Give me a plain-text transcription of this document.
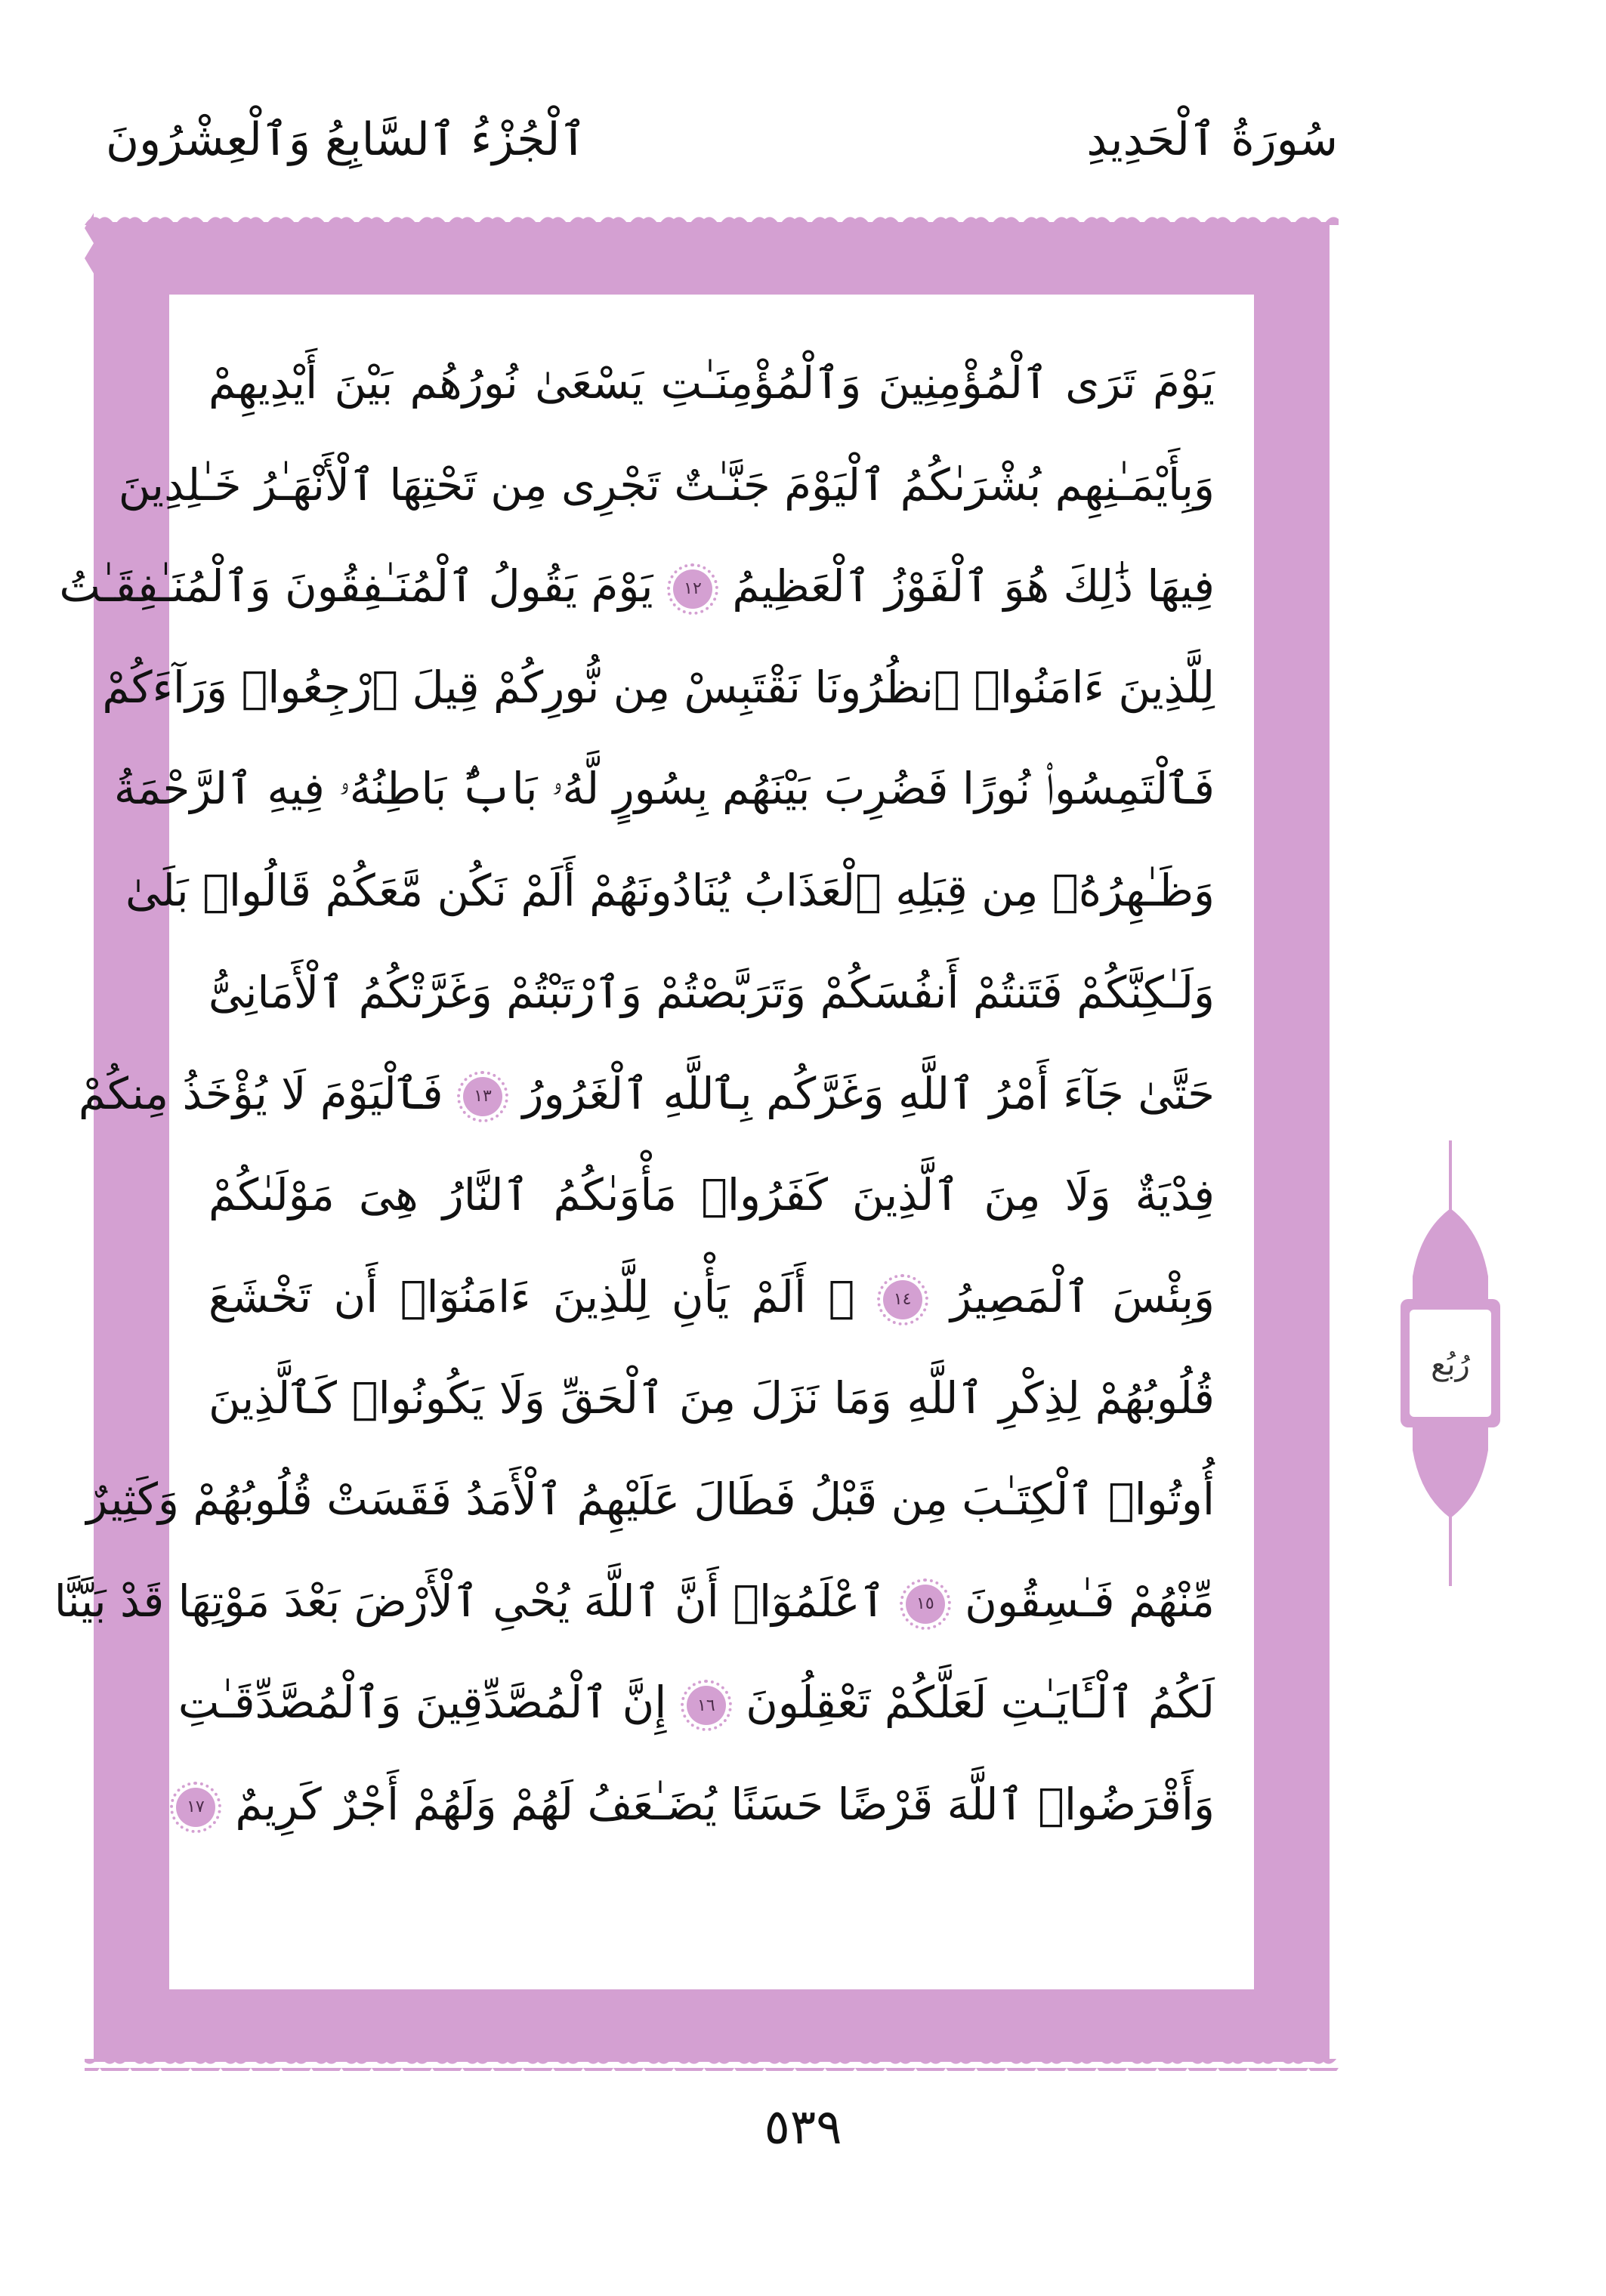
ٱلْجُزْءُ ٱلسَّابِعُ وَٱلْعِشْرُونَ	سُورَةُ ٱلْحَدِيدِ
يَوْمَ تَرَى ٱلْمُؤْمِنِينَ وَٱلْمُؤْمِنَـٰتِ يَسْعَىٰ نُورُهُم بَيْنَ أَيْدِيهِمْ
وَبِأَيْمَـٰنِهِم بُشْرَىٰكُمُ ٱلْيَوْمَ جَنَّـٰتٌ تَجْرِى مِن تَحْتِهَا ٱلْأَنْهَـٰرُ خَـٰلِدِينَ
فِيهَا ذَٰلِكَ هُوَ ٱلْفَوْزُ ٱلْعَظِيمُ ١٢ يَوْمَ يَقُولُ ٱلْمُنَـٰفِقُونَ وَٱلْمُنَـٰفِقَـٰتُ
لِلَّذِينَ ءَامَنُوا۟ ٱنظُرُونَا نَقْتَبِسْ مِن نُّورِكُمْ قِيلَ ٱرْجِعُوا۟ وَرَآءَكُمْ
فَٱلْتَمِسُوا۟ نُورًا فَضُرِبَ بَيْنَهُم بِسُورٍ لَّهُۥ بَابٌۢ بَاطِنُهُۥ فِيهِ ٱلرَّحْمَةُ
وَظَـٰهِرُهُۥ مِن قِبَلِهِ ٱلْعَذَابُ يُنَادُونَهُمْ أَلَمْ نَكُن مَّعَكُمْ قَالُوا۟ بَلَىٰ
وَلَـٰكِنَّكُمْ فَتَنتُمْ أَنفُسَكُمْ وَتَرَبَّصْتُمْ وَٱرْتَبْتُمْ وَغَرَّتْكُمُ ٱلْأَمَانِىُّ
حَتَّىٰ جَآءَ أَمْرُ ٱللَّهِ وَغَرَّكُم بِٱللَّهِ ٱلْغَرُورُ ١٣ فَٱلْيَوْمَ لَا يُؤْخَذُ مِنكُمْ
فِدْيَةٌ وَلَا مِنَ ٱلَّذِينَ كَفَرُوا۟ مَأْوَىٰكُمُ ٱلنَّارُ هِىَ مَوْلَىٰكُمْ
وَبِئْسَ ٱلْمَصِيرُ ١٤ ۞ أَلَمْ يَأْنِ لِلَّذِينَ ءَامَنُوٓا۟ أَن تَخْشَعَ
قُلُوبُهُمْ لِذِكْرِ ٱللَّهِ وَمَا نَزَلَ مِنَ ٱلْحَقِّ وَلَا يَكُونُوا۟ كَٱلَّذِينَ
أُوتُوا۟ ٱلْكِتَـٰبَ مِن قَبْلُ فَطَالَ عَلَيْهِمُ ٱلْأَمَدُ فَقَسَتْ قُلُوبُهُمْ وَكَثِيرٌ
مِّنْهُمْ فَـٰسِقُونَ ١٥ ٱعْلَمُوٓا۟ أَنَّ ٱللَّهَ يُحْىِ ٱلْأَرْضَ بَعْدَ مَوْتِهَا قَدْ بَيَّنَّا
لَكُمُ ٱلْـَٔايَـٰتِ لَعَلَّكُمْ تَعْقِلُونَ ١٦ إِنَّ ٱلْمُصَّدِّقِينَ وَٱلْمُصَّدِّقَـٰتِ
وَأَقْرَضُوا۟ ٱللَّهَ قَرْضًا حَسَنًا يُضَـٰعَفُ لَهُمْ وَلَهُمْ أَجْرٌ كَرِيمٌ ١٧
رُبُع
٥٣٩
